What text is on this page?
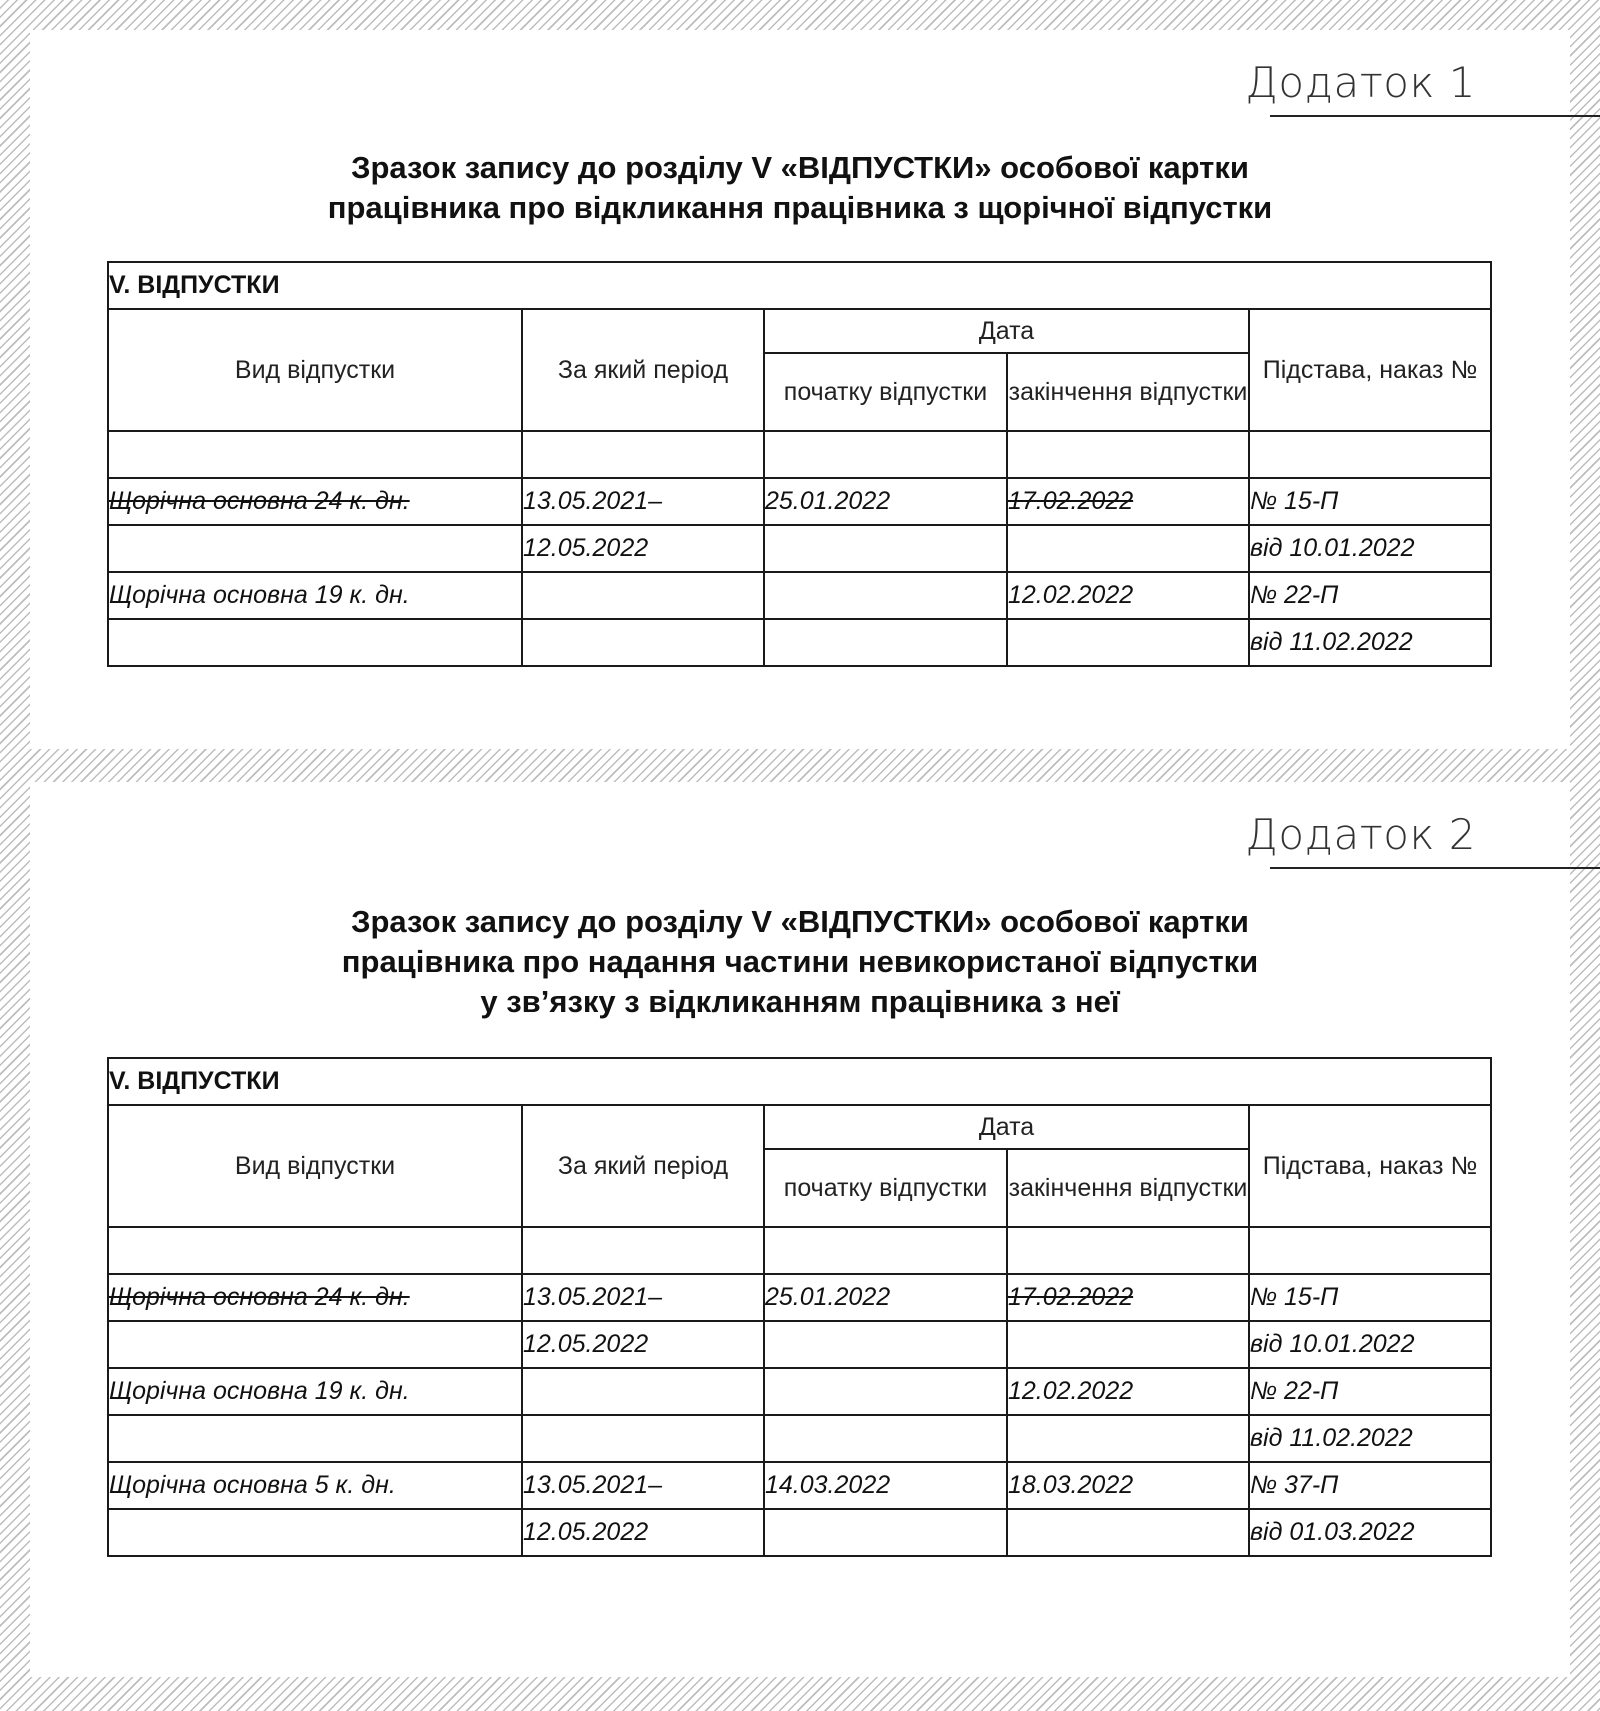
Додаток 1
Зразок запису до розділу V «ВІДПУСТКИ» особової картки
працівника про відкликання працівника з щорічної відпустки
V. ВІДПУСТКИ				
Вид відпустки	За який період	Дата		Підстава, наказ №
		початку відпустки	закінчення відпустки	

Щорічна основна 24 к. дн.	13.05.2021–	25.01.2022	17.02.2022	№ 15-П
	12.05.2022			від 10.01.2022
Щорічна основна 19 к. дн.			12.02.2022	№ 22-П
				від 11.02.2022
Додаток 2
Зразок запису до розділу V «ВІДПУСТКИ» особової картки
працівника про надання частини невикористаної відпустки
у зв’язку з відкликанням працівника з неї
V. ВІДПУСТКИ				
Вид відпустки	За який період	Дата		Підстава, наказ №
		початку відпустки	закінчення відпустки	

Щорічна основна 24 к. дн.	13.05.2021–	25.01.2022	17.02.2022	№ 15-П
	12.05.2022			від 10.01.2022
Щорічна основна 19 к. дн.			12.02.2022	№ 22-П
				від 11.02.2022
Щорічна основна 5 к. дн.	13.05.2021–	14.03.2022	18.03.2022	№ 37-П
	12.05.2022			від 01.03.2022
